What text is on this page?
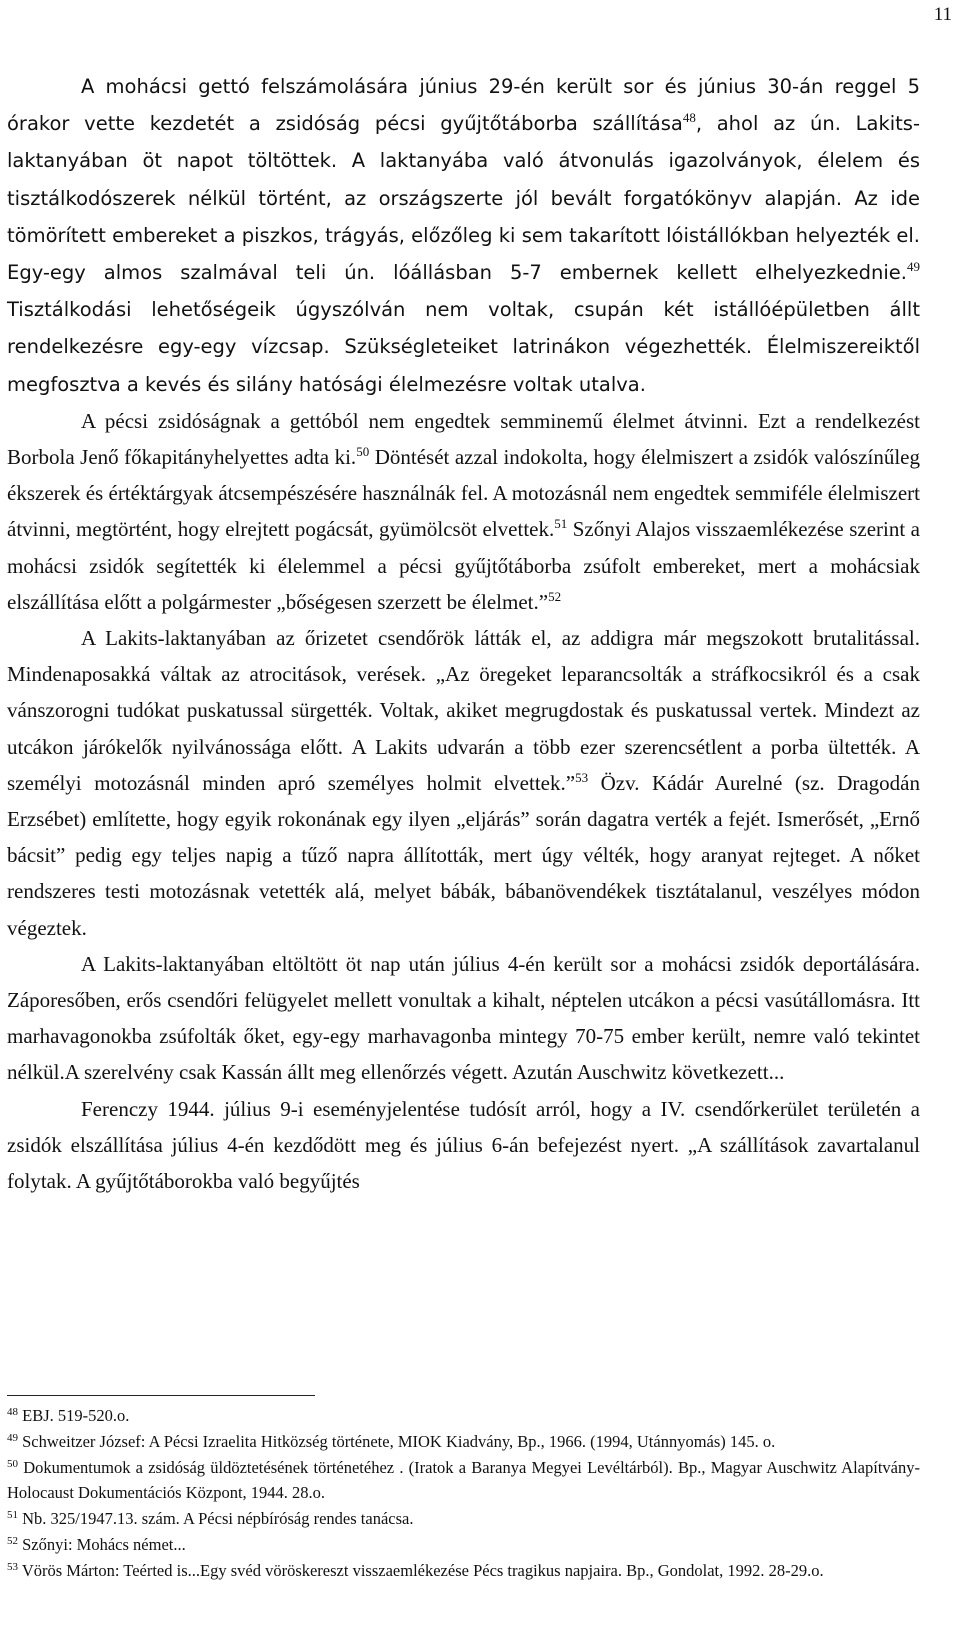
11

A mohácsi gettó felszámolására június 29-én került sor és június 30-án reggel 5 órakor vette kezdetét a zsidóság pécsi gyűjtőtáborba szállítása$^{48}$, ahol az ún. Lakits-laktanyában öt napot töltöttek. A laktanyába való átvonulás igazolványok, élelem és tisztálkodószerek nélkül történt, az országszerte jól bevált forgatókönyv alapján. Az ide tömörített embereket a piszkos, trágyás, előzőleg ki sem takarított lóistállókban helyezték el. Egy-egy almos szalmával teli ún. lóállásban 5-7 embernek kellett elhelyezkednie.$^{49}$ Tisztálkodási lehetőségeik úgyszólván nem voltak, csupán két istállóépületben állt rendelkezésre egy-egy vízcsap. Szükségleteiket latrinákon végezhették. Élelmiszereiktől megfosztva a kevés és silány hatósági élelmezésre voltak utalva.

A pécsi zsidóságnak a gettóból nem engedtek semminemű élelmet átvinni. Ezt a rendelkezést Borbola Jenő főkapitányhelyettes adta ki.$^{50}$ Döntését azzal indokolta, hogy élelmiszert a zsidók valószínűleg ékszerek és értéktárgyak átcsempészésére használnák fel. A motozásnál nem engedtek semmiféle élelmiszert átvinni, megtörtént, hogy elrejtett pogácsát, gyümölcsöt elvettek.$^{51}$ Szőnyi Alajos visszaemlékezése szerint a mohácsi zsidók segítették ki élelemmel a pécsi gyűjtőtáborba zsúfolt embereket, mert a mohácsiak elszállítása előtt a polgármester „bőségesen szerzett be élelmet.”$^{52}$

A Lakits-laktanyában az őrizetet csendőrök látták el, az addigra már megszokott brutalitással. Mindenaposakká váltak az atrocitások, verések. „Az öregeket leparancsolták a stráfkocsikról és a csak vánszorogni tudókat puskatussal sürgették. Voltak, akiket megrugdostak és puskatussal vertek. Mindezt az utcákon járókelők nyilvánossága előtt. A Lakits udvarán a több ezer szerencsétlent a porba ültették. A személyi motozásnál minden apró személyes holmit elvettek.”$^{53}$ Özv. Kádár Aurelné (sz. Dragodán Erzsébet) említette, hogy egyik rokonának egy ilyen „eljárás” során dagatra verték a fejét. Ismerősét, „Ernő bácsit” pedig egy teljes napig a tűző napra állították, mert úgy vélték, hogy aranyat rejteget. A nőket rendszeres testi motozásnak vetették alá, melyet bábák, bábanövendékek tisztátalanul, veszélyes módon végeztek.

A Lakits-laktanyában eltöltött öt nap után július 4-én került sor a mohácsi zsidók deportálására. Záporesőben, erős csendőri felügyelet mellett vonultak a kihalt, néptelen utcákon a pécsi vasútállomásra. Itt marhavagonokba zsúfolták őket, egy-egy marhavagonba mintegy 70-75 ember került, nemre való tekintet nélkül.A szerelvény csak Kassán állt meg ellenőrzés végett. Azután Auschwitz következett...

Ferenczy 1944. július 9-i eseményjelentése tudósít arról, hogy a IV. csendőrkerület területén a zsidók elszállítása július 4-én kezdődött meg és július 6-án befejezést nyert. „A szállítások zavartalanul folytak. A gyűjtőtáborokba való begyűjtés

$^{48}$ EBJ. 519-520.o.

$^{49}$ Schweitzer József: A Pécsi Izraelita Hitközség története, MIOK Kiadvány, Bp., 1966. (1994, Utánnyomás) 145. o.

$^{50}$ Dokumentumok a zsidóság üldöztetésének történetéhez . (Iratok a Baranya Megyei Levéltárból). Bp., Magyar Auschwitz Alapítvány-Holocaust Dokumentációs Központ, 1944. 28.o.

$^{51}$ Nb. 325/1947.13. szám. A Pécsi népbíróság rendes tanácsa.

$^{52}$ Szőnyi: Mohács német...

$^{53}$ Vörös Márton: Teérted is...Egy svéd vöröskereszt visszaemlékezése Pécs tragikus napjaira. Bp., Gondolat, 1992. 28-29.o.
